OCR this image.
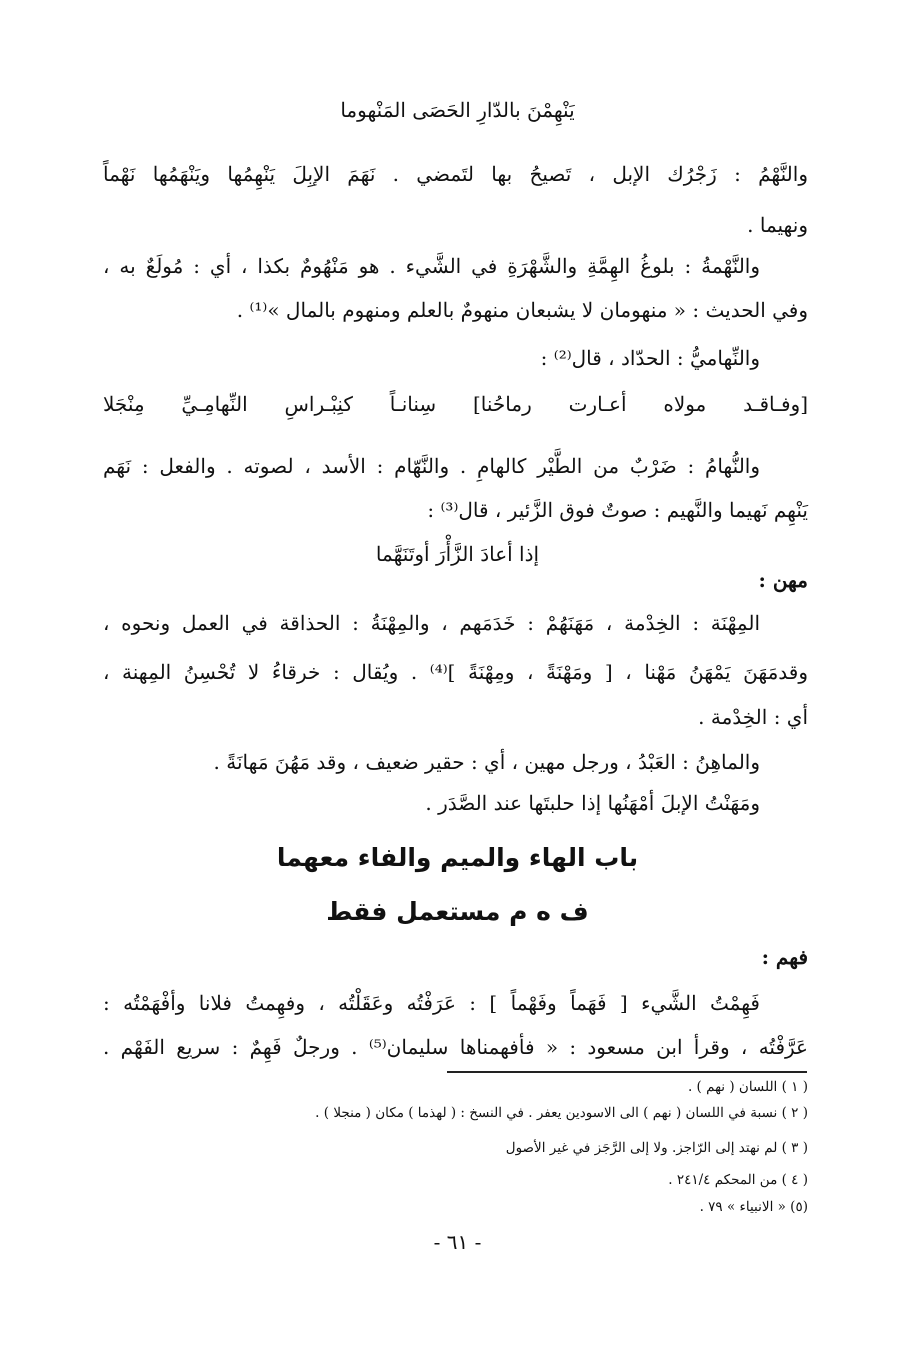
يَنْهِمْنَ بالدّارِ الحَصَى المَنْهوما
والنَّهْمُ : زَجْرُك الإبل ، تَصيحُ بها لتَمضي . نَهَمَ الإبِلَ يَنْهِمُها ويَنْهَمُها نَهْماً
ونهيما .
والنَّهْمةُ : بلوغُ الهِمَّةِ والشَّهْرَةِ في الشَّيء . هو مَنْهُومٌ بكذا ، أي : مُولَعٌ به ،
وفي الحديث : « منهومان لا يشبعان منهومٌ بالعلم ومنهوم بالمال »⁽¹⁾ .
والنِّهاميُّ : الحدّاد ، قال⁽²⁾ :
[وفـاقـد مولاه أعـارت رماحُنا] سِنانـاً كنِبْـراسِ النِّهامِـيِّ مِنْجَلا
والنُّهامُ : ضَرْبٌ من الطَّيْر كالهامِ . والنَّهّام : الأسد ، لصوته . والفعل : نَهَم
يَنْهِم نَهيما والنَّهيم : صوتٌ فوق الزَّئير ، قال⁽³⁾ :
إذا أعادَ الزَّأْرَ أوتَنَهَّما
مهن :
المِهْنَة : الخِدْمة ، مَهَنَهُمْ : خَدَمَهم ، والمِهْنَةُ : الحذاقة في العمل ونحوه ،
وقدمَهَنَ يَمْهَنُ مَهْنا ، [ ومَهْنَةً ، ومِهْنَةً ]⁽⁴⁾ . ويُقال : خرقاءُ لا تُحْسِنُ المِهنة ،
أي : الخِدْمة .
والماهِنُ : العَبْدُ ، ورجل مهين ، أي : حقير ضعيف ، وقد مَهُنَ مَهانَةً .
ومَهَنْتُ الإبلَ أمْهَنُها إذا حلبتَها عند الصَّدَر .
باب الهاء والميم والفاء معهما
ف ه م مستعمل فقط
فهم :
فَهِمْتُ الشَّيء [ فَهَماً وفَهْماً ] : عَرَفْتُه وعَقَلْتُه ، وفهِمتُ فلانا وأفْهَمْتُه :
عَرَّفْتُه ، وقرأ ابن مسعود : « فأفهمناها سليمان⁽⁵⁾ . ورجلٌ فَهِمٌ : سريع الفَهْم .
( ١ ) اللسان ( نهم ) .
( ٢ ) نسبة في اللسان ( نهم ) الى الاسودين يعفر . في النسخ : ( لهذما ) مكان ( منجلا ) .
( ٣ ) لم نهتد إلى الرّاجز. ولا إلى الرَّجَز في غير الأصول
( ٤ ) من المحكم ٢٤١/٤ .
(٥) « الانبياء » ٧٩ .
- ٦١ -
